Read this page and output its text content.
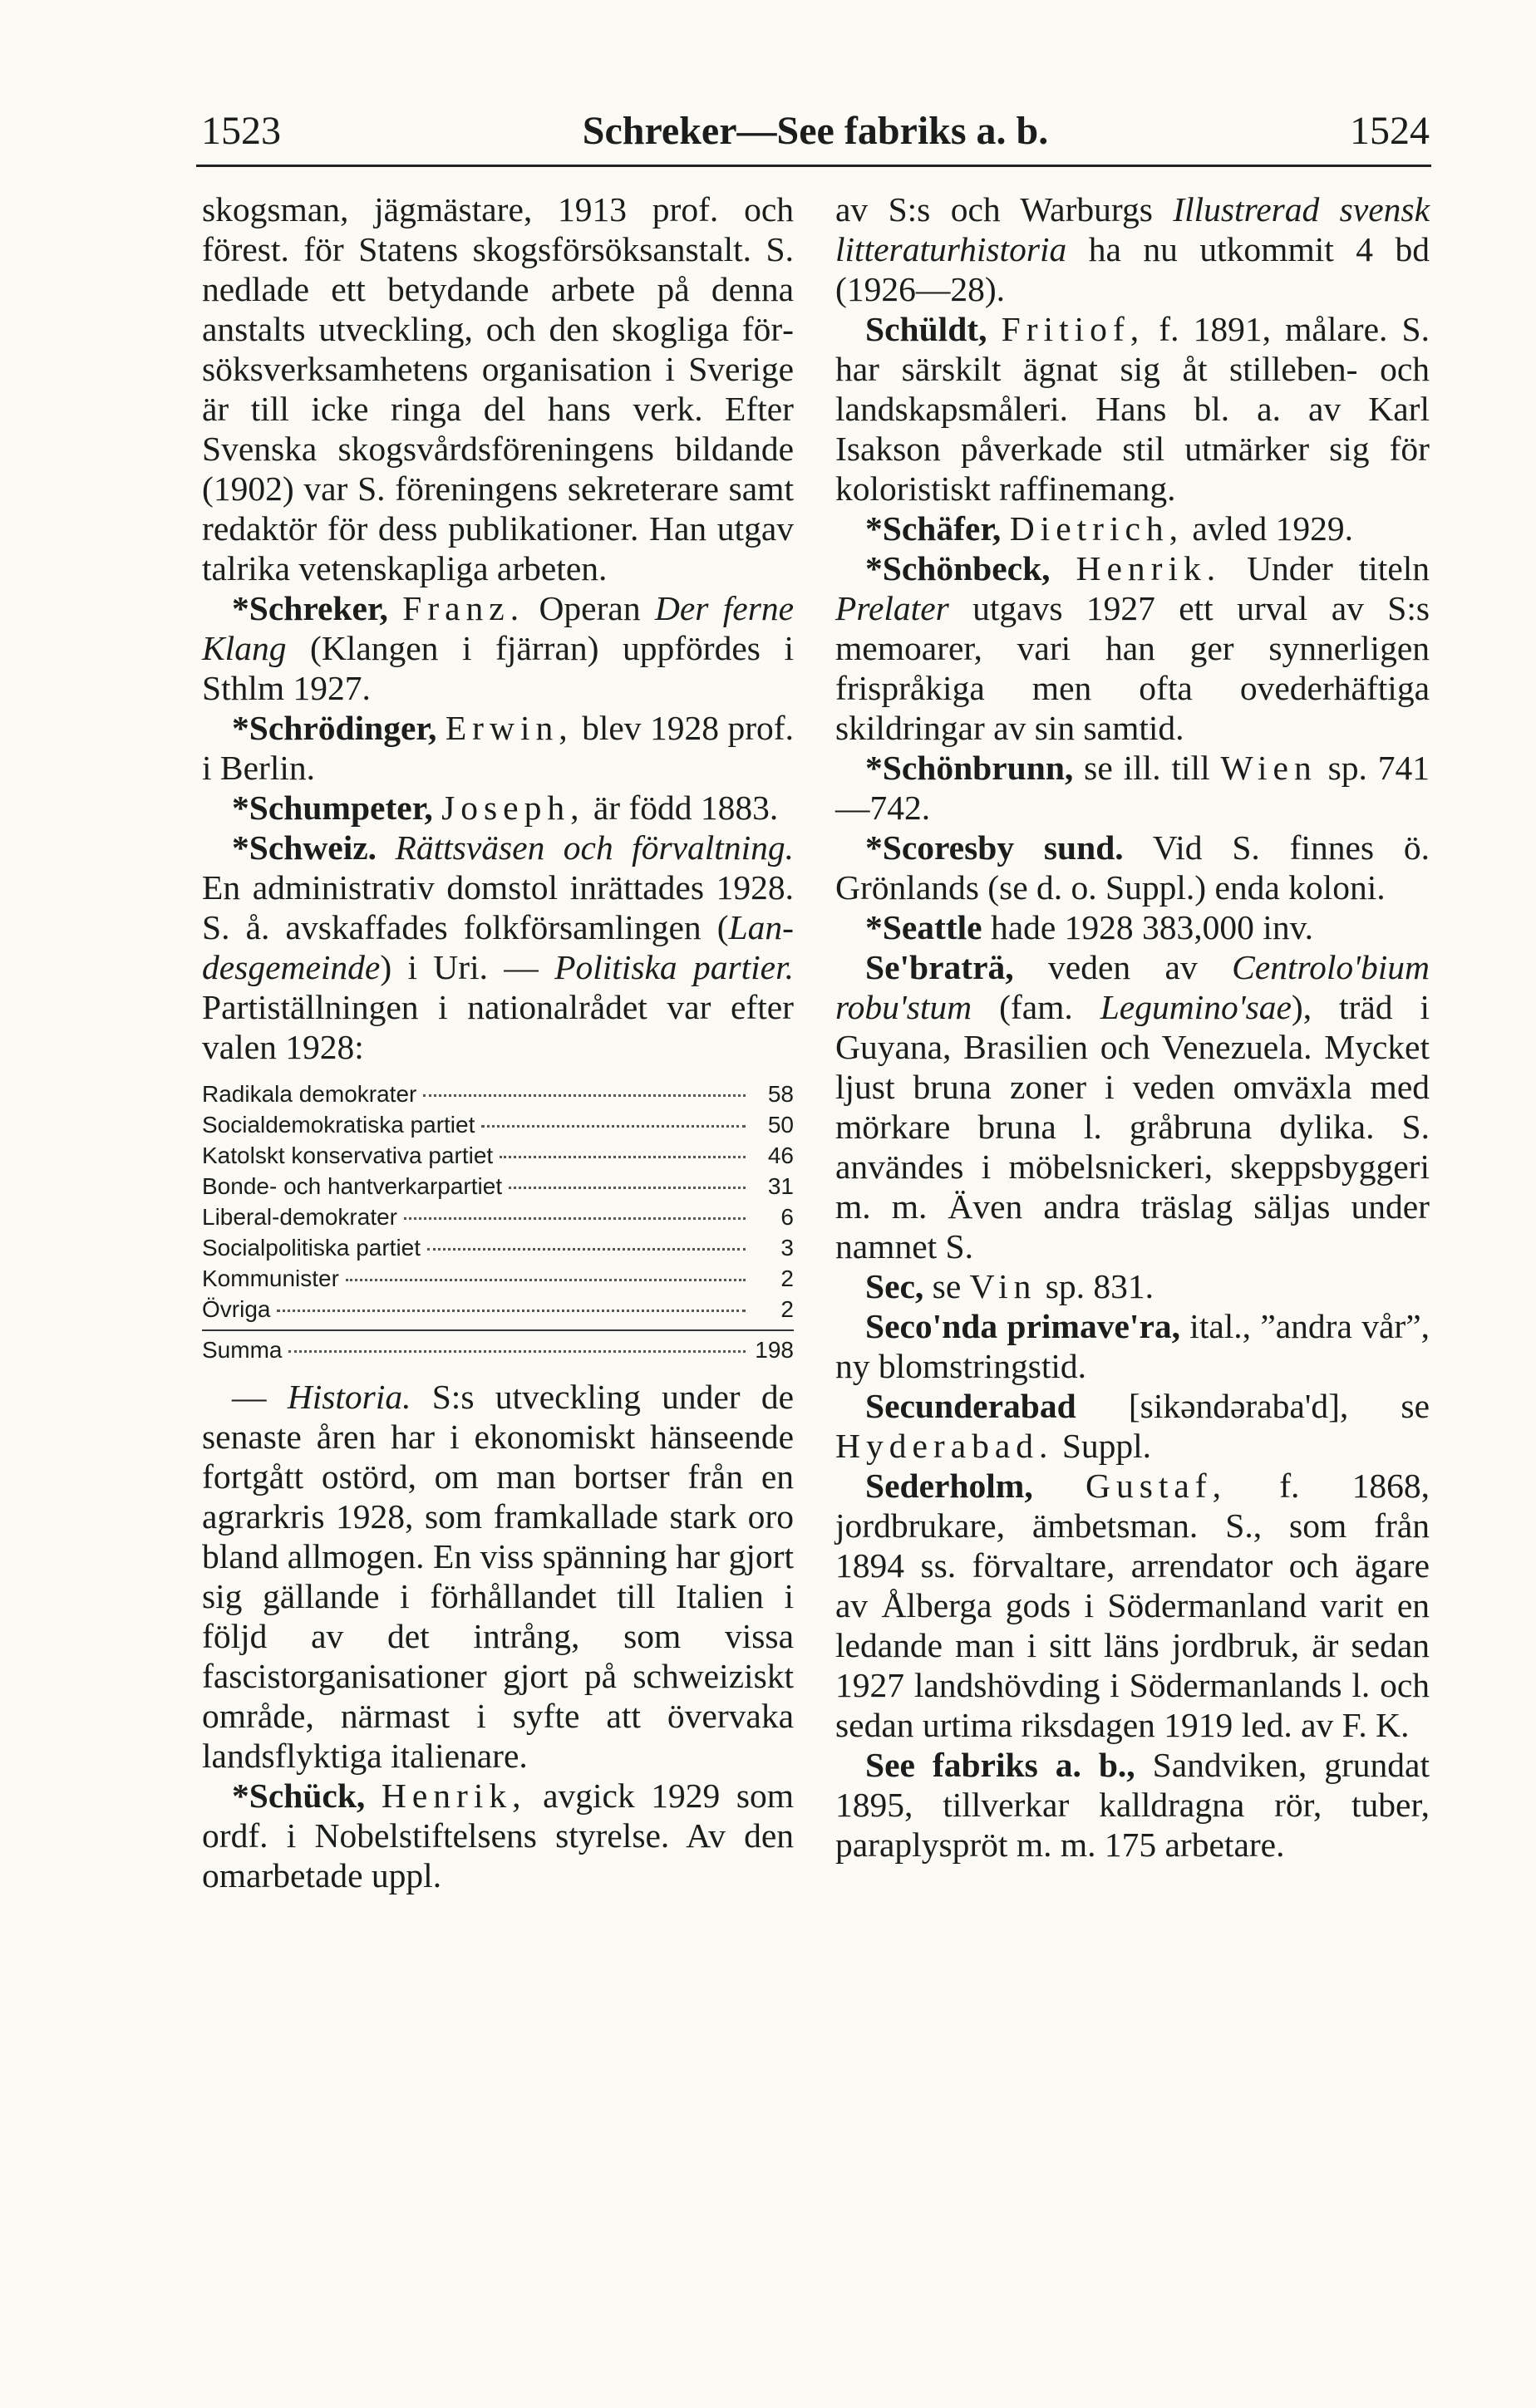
1523	Schreker—See fabriks a. b.	1524

skogsman, jägmästare, 1913 prof. och förest. för Statens skogsförsöksanstalt. S. nedlade ett betydande arbete på denna anstalts utveckling, och den skogliga försöksverksamhetens organisation i Sverige är till icke ringa del hans verk. Efter Svenska skogsvårdsföreningens bildande (1902) var S. föreningens sekreterare samt redaktör för dess publikationer. Han utgav talrika vetenskapliga arbeten.

*Schreker, Franz. Operan Der ferne Klang (Klangen i fjärran) uppfördes i Sthlm 1927.

*Schrödinger, Erwin, blev 1928 prof. i Berlin.

*Schumpeter, Joseph, är född 1883.

*Schweiz. Rättsväsen och förvaltning. En administrativ domstol inrättades 1928. S. å. avskaffades folkförsamlingen (Landesgemeinde) i Uri. — Politiska partier. Partiställningen i nationalrådet var efter valen 1928:

Radikala demokrater	58
Socialdemokratiska partiet	50
Katolskt konservativa partiet	46
Bonde- och hantverkarpartiet	31
Liberal-demokrater	6
Socialpolitiska partiet	3
Kommunister	2
Övriga	2
Summa	198

— Historia. S:s utveckling under de senaste åren har i ekonomiskt hänseende fortgått ostörd, om man bortser från en agrarkris 1928, som framkallade stark oro bland allmogen. En viss spänning har gjort sig gällande i förhållandet till Italien i följd av det intrång, som vissa fascistorganisationer gjort på schweiziskt område, närmast i syfte att övervaka landsflyktiga italienare.

*Schück, Henrik, avgick 1929 som ordf. i Nobelstiftelsens styrelse. Av den omarbetade uppl.

av S:s och Warburgs Illustrerad svensk litteraturhistoria ha nu utkommit 4 bd (1926—28).

Schüldt, Fritiof, f. 1891, målare. S. har särskilt ägnat sig åt stilleben- och landskapsmåleri. Hans bl. a. av Karl Isakson påverkade stil utmärker sig för koloristiskt raffinemang.

*Schäfer, Dietrich, avled 1929.

*Schönbeck, Henrik. Under titeln Prelater utgavs 1927 ett urval av S:s memoarer, vari han ger synnerligen frispråkiga men ofta ovederhäftiga skildringar av sin samtid.

*Schönbrunn, se ill. till Wien sp. 741—742.

*Scoresby sund. Vid S. finnes ö. Grönlands (se d. o. Suppl.) enda koloni.

*Seattle hade 1928 383,000 inv.

Se'braträ, veden av Centrolo'bium robu'stum (fam. Legumino'sae), träd i Guyana, Brasilien och Venezuela. Mycket ljust bruna zoner i veden omväxla med mörkare bruna l. gråbruna dylika. S. användes i möbelsnickeri, skeppsbyggeri m. m. Även andra träslag säljas under namnet S.

Sec, se Vin sp. 831.

Seco'nda primave'ra, ital., ”andra vår”, ny blomstringstid.

Secunderabad [sikəndəraba'd], se Hyderabad. Suppl.

Sederholm, Gustaf, f. 1868, jordbrukare, ämbetsman. S., som från 1894 ss. förvaltare, arrendator och ägare av Ålberga gods i Södermanland varit en ledande man i sitt läns jordbruk, är sedan 1927 landshövding i Södermanlands l. och sedan urtima riksdagen 1919 led. av F. K.

See fabriks a. b., Sandviken, grundat 1895, tillverkar kalldragna rör, tuber, paraplyspröt m. m. 175 arbetare.
